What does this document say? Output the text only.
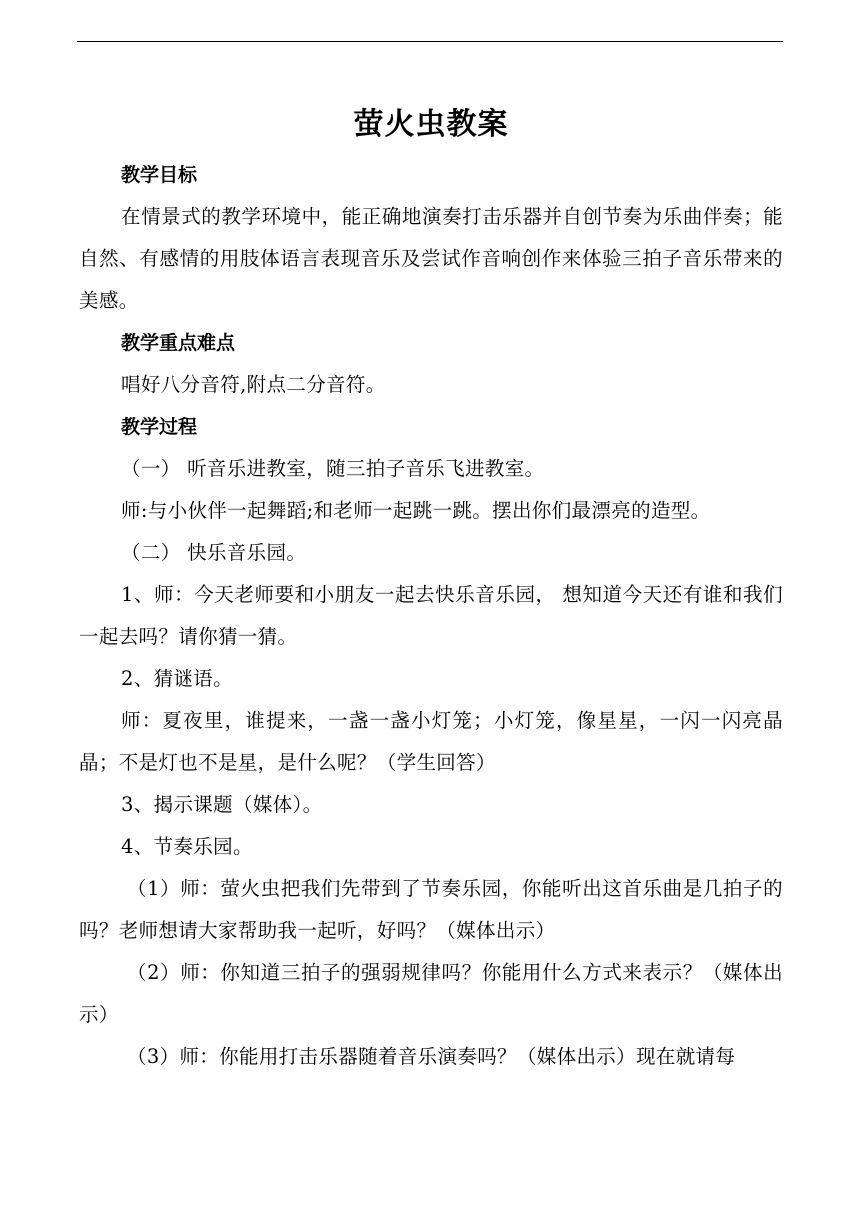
萤火虫教案

教学目标

在情景式的教学环境中，能正确地演奏打击乐器并自创节奏为乐曲伴奏；能自然、有感情的用肢体语言表现音乐及尝试作音响创作来体验三拍子音乐带来的美感。

教学重点难点

唱好八分音符,附点二分音符。

教学过程

（一） 听音乐进教室，随三拍子音乐飞进教室。

师:与小伙伴一起舞蹈;和老师一起跳一跳。摆出你们最漂亮的造型。

（二） 快乐音乐园。

1、师：今天老师要和小朋友一起去快乐音乐园， 想知道今天还有谁和我们一起去吗？请你猜一猜。

2、猜谜语。

师：夏夜里，谁提来，一盏一盏小灯笼；小灯笼，像星星，一闪一闪亮晶晶；不是灯也不是星，是什么呢？（学生回答）

3、揭示课题（媒体）。

4、节奏乐园。

（1）师：萤火虫把我们先带到了节奏乐园，你能听出这首乐曲是几拍子的吗？老师想请大家帮助我一起听，好吗？（媒体出示）

（2）师：你知道三拍子的强弱规律吗？你能用什么方式来表示？（媒体出示）

（3）师：你能用打击乐器随着音乐演奏吗？（媒体出示）现在就请每
